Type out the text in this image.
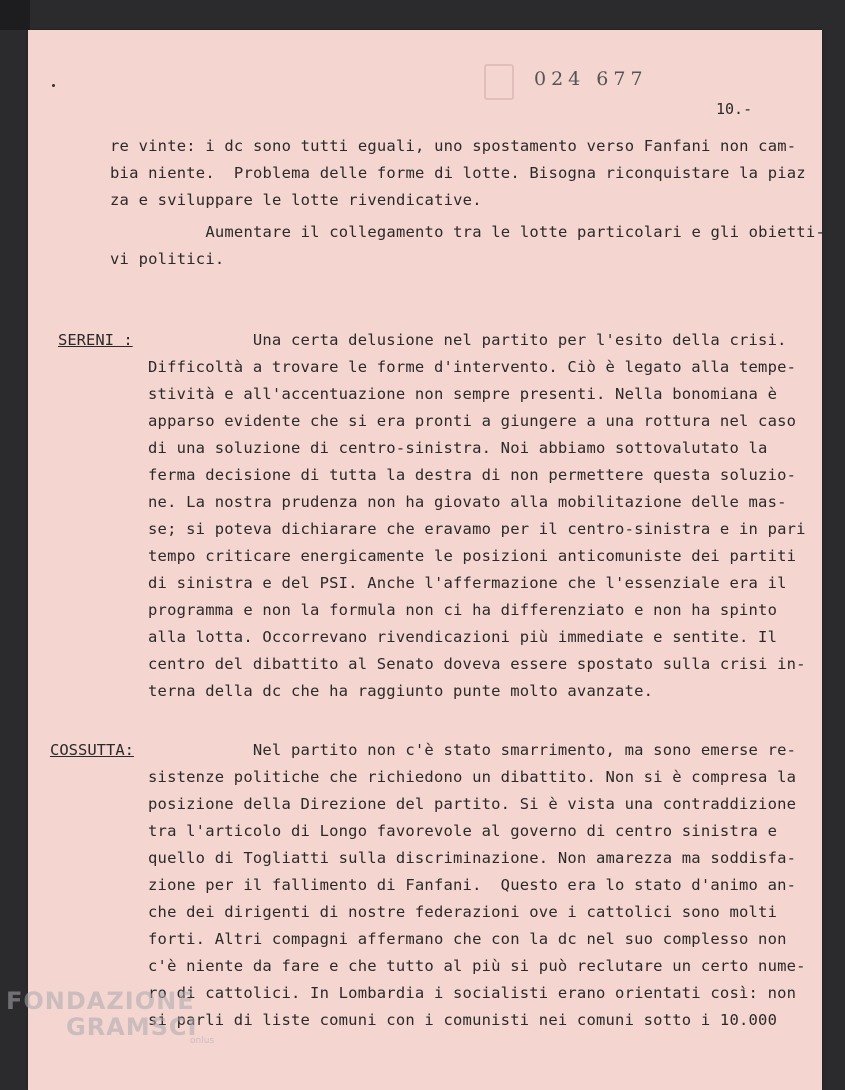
024 677
10.-
re vinte: i dc sono tutti eguali, uno spostamento verso Fanfani non cam-
bia niente.  Problema delle forme di lotte. Bisogna riconquistare la piaz
za e sviluppare le lotte rivendicative.
Aumentare il collegamento tra le lotte particolari e gli obietti-
vi politici.
SERENI : Una certa delusione nel partito per l'esito della crisi.
Difficoltà a trovare le forme d'intervento. Ciò è legato alla tempe-
stività e all'accentuazione non sempre presenti. Nella bonomiana è
apparso evidente che si era pronti a giungere a una rottura nel caso
di una soluzione di centro-sinistra. Noi abbiamo sottovalutato la
ferma decisione di tutta la destra di non permettere questa soluzio-
ne. La nostra prudenza non ha giovato alla mobilitazione delle mas-
se; si poteva dichiarare che eravamo per il centro-sinistra e in pari
tempo criticare energicamente le posizioni anticomuniste dei partiti
di sinistra e del PSI. Anche l'affermazione che l'essenziale era il
programma e non la formula non ci ha differenziato e non ha spinto
alla lotta. Occorrevano rivendicazioni più immediate e sentite. Il
centro del dibattito al Senato doveva essere spostato sulla crisi in-
terna della dc che ha raggiunto punte molto avanzate.
COSSUTTA: Nel partito non c'è stato smarrimento, ma sono emerse re-
sistenze politiche che richiedono un dibattito. Non si è compresa la
posizione della Direzione del partito. Si è vista una contraddizione
tra l'articolo di Longo favorevole al governo di centro sinistra e
quello di Togliatti sulla discriminazione. Non amarezza ma soddisfa-
zione per il fallimento di Fanfani.  Questo era lo stato d'animo an-
che dei dirigenti di nostre federazioni ove i cattolici sono molti
forti. Altri compagni affermano che con la dc nel suo complesso non
c'è niente da fare e che tutto al più si può reclutare un certo nume-
ro di cattolici. In Lombardia i socialisti erano orientati così: non
si parli di liste comuni con i comunisti nei comuni sotto i 10.000
FONDAZIONE
GRAMSCI
onlus
